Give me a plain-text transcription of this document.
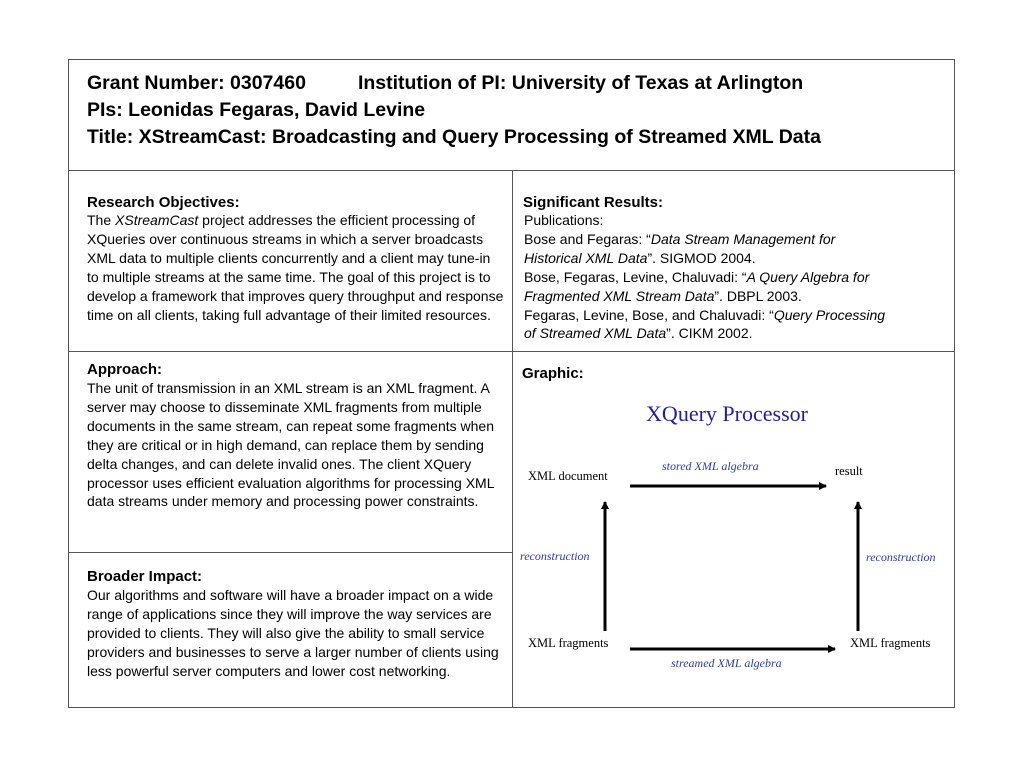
Grant Number: 0307460	Institution of PI: University of Texas at Arlington
PIs: Leonidas Fegaras, David Levine
Title: XStreamCast: Broadcasting and Query Processing of Streamed XML Data
Research Objectives:
The XStreamCast project addresses the efficient processing of XQueries over continuous streams in which a server broadcasts XML data to multiple clients concurrently and a client may tune-in to multiple streams at the same time. The goal of this project is to develop a framework that improves query throughput and response time on all clients, taking full advantage of their limited resources.
Significant Results:
Publications:
Bose and Fegaras: “Data Stream Management for
Historical XML Data”. SIGMOD 2004.
Bose, Fegaras, Levine, Chaluvadi: “A Query Algebra for
Fragmented XML Stream Data”. DBPL 2003.
Fegaras, Levine, Bose, and Chaluvadi: “Query Processing
of Streamed XML Data”. CIKM 2002.
Approach:
The unit of transmission in an XML stream is an XML fragment. A server may choose to disseminate XML fragments from multiple documents in the same stream, can repeat some fragments when they are critical or in high demand, can replace them by sending delta changes, and can delete invalid ones. The client XQuery processor uses efficient evaluation algorithms for processing XML data streams under memory and processing power constraints.
Broader Impact:
Our algorithms and software will have a broader impact on a wide range of applications since they will improve the way services are provided to clients. They will also give the ability to small service providers and businesses to serve a larger number of clients using less powerful server computers and lower cost networking.
Graphic:
XQuery Processor
XML document	result
XML fragments	XML fragments
stored XML algebra
streamed XML algebra
reconstruction	reconstruction
